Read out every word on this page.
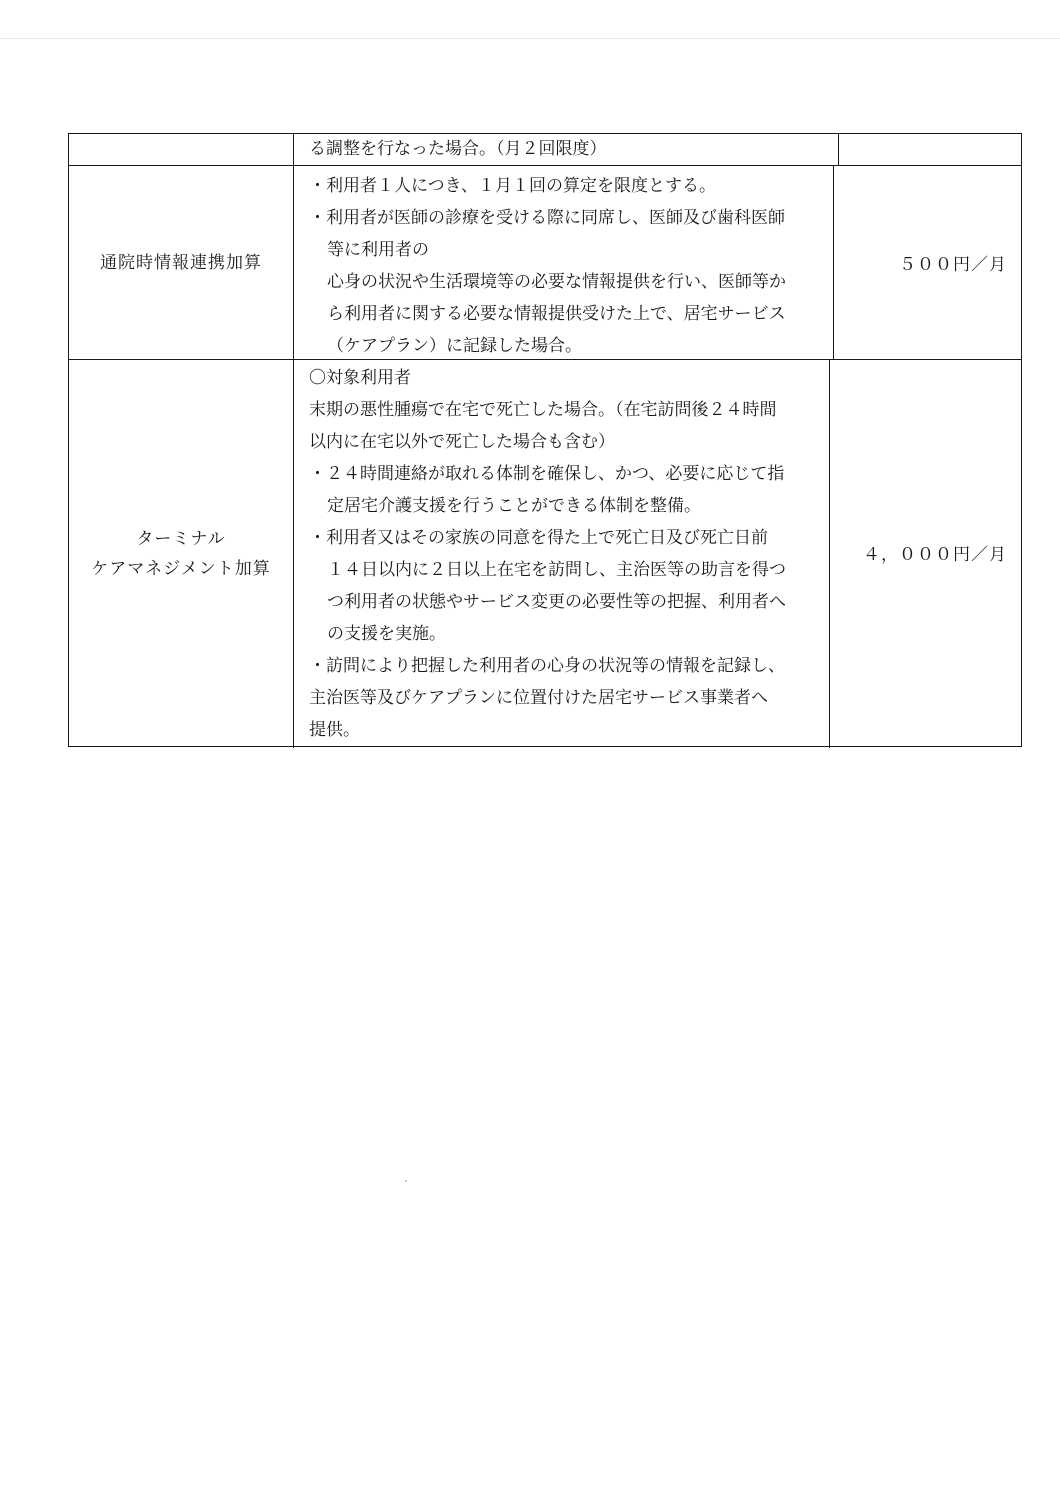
る調整を行なった場合。（月２回限度）
通院時情報連携加算
・利用者１人につき、１月１回の算定を限度とする。
・利用者が医師の診療を受ける際に同席し、医師及び歯科医師
等に利用者の
心身の状況や生活環境等の必要な情報提供を行い、医師等か
ら利用者に関する必要な情報提供受けた上で、居宅サービス
（ケアプラン）に記録した場合。
５００円／月
ターミナル
ケアマネジメント加算
〇対象利用者
末期の悪性腫瘍で在宅で死亡した場合。（在宅訪問後２４時間
以内に在宅以外で死亡した場合も含む）
・２４時間連絡が取れる体制を確保し、かつ、必要に応じて指
定居宅介護支援を行うことができる体制を整備。
・利用者又はその家族の同意を得た上で死亡日及び死亡日前
１４日以内に２日以上在宅を訪問し、主治医等の助言を得つ
つ利用者の状態やサービス変更の必要性等の把握、利用者へ
の支援を実施。
・訪問により把握した利用者の心身の状況等の情報を記録し、
主治医等及びケアプランに位置付けた居宅サービス事業者へ
提供。
４，０００円／月
